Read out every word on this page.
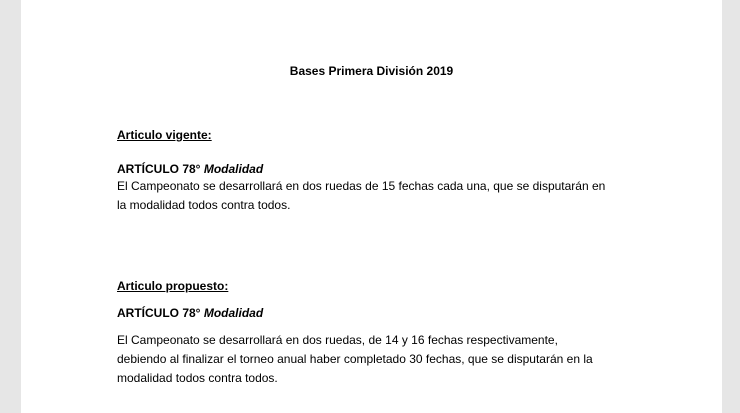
Bases Primera División 2019
Articulo vigente:
ARTÍCULO 78° Modalidad
El Campeonato se desarrollará en dos ruedas de 15 fechas cada una, que se disputarán en
la modalidad todos contra todos.
Articulo propuesto:
ARTÍCULO 78° Modalidad
El Campeonato se desarrollará en dos ruedas, de 14 y 16 fechas respectivamente,
debiendo al finalizar el torneo anual haber completado 30 fechas, que se disputarán en la
modalidad todos contra todos.
